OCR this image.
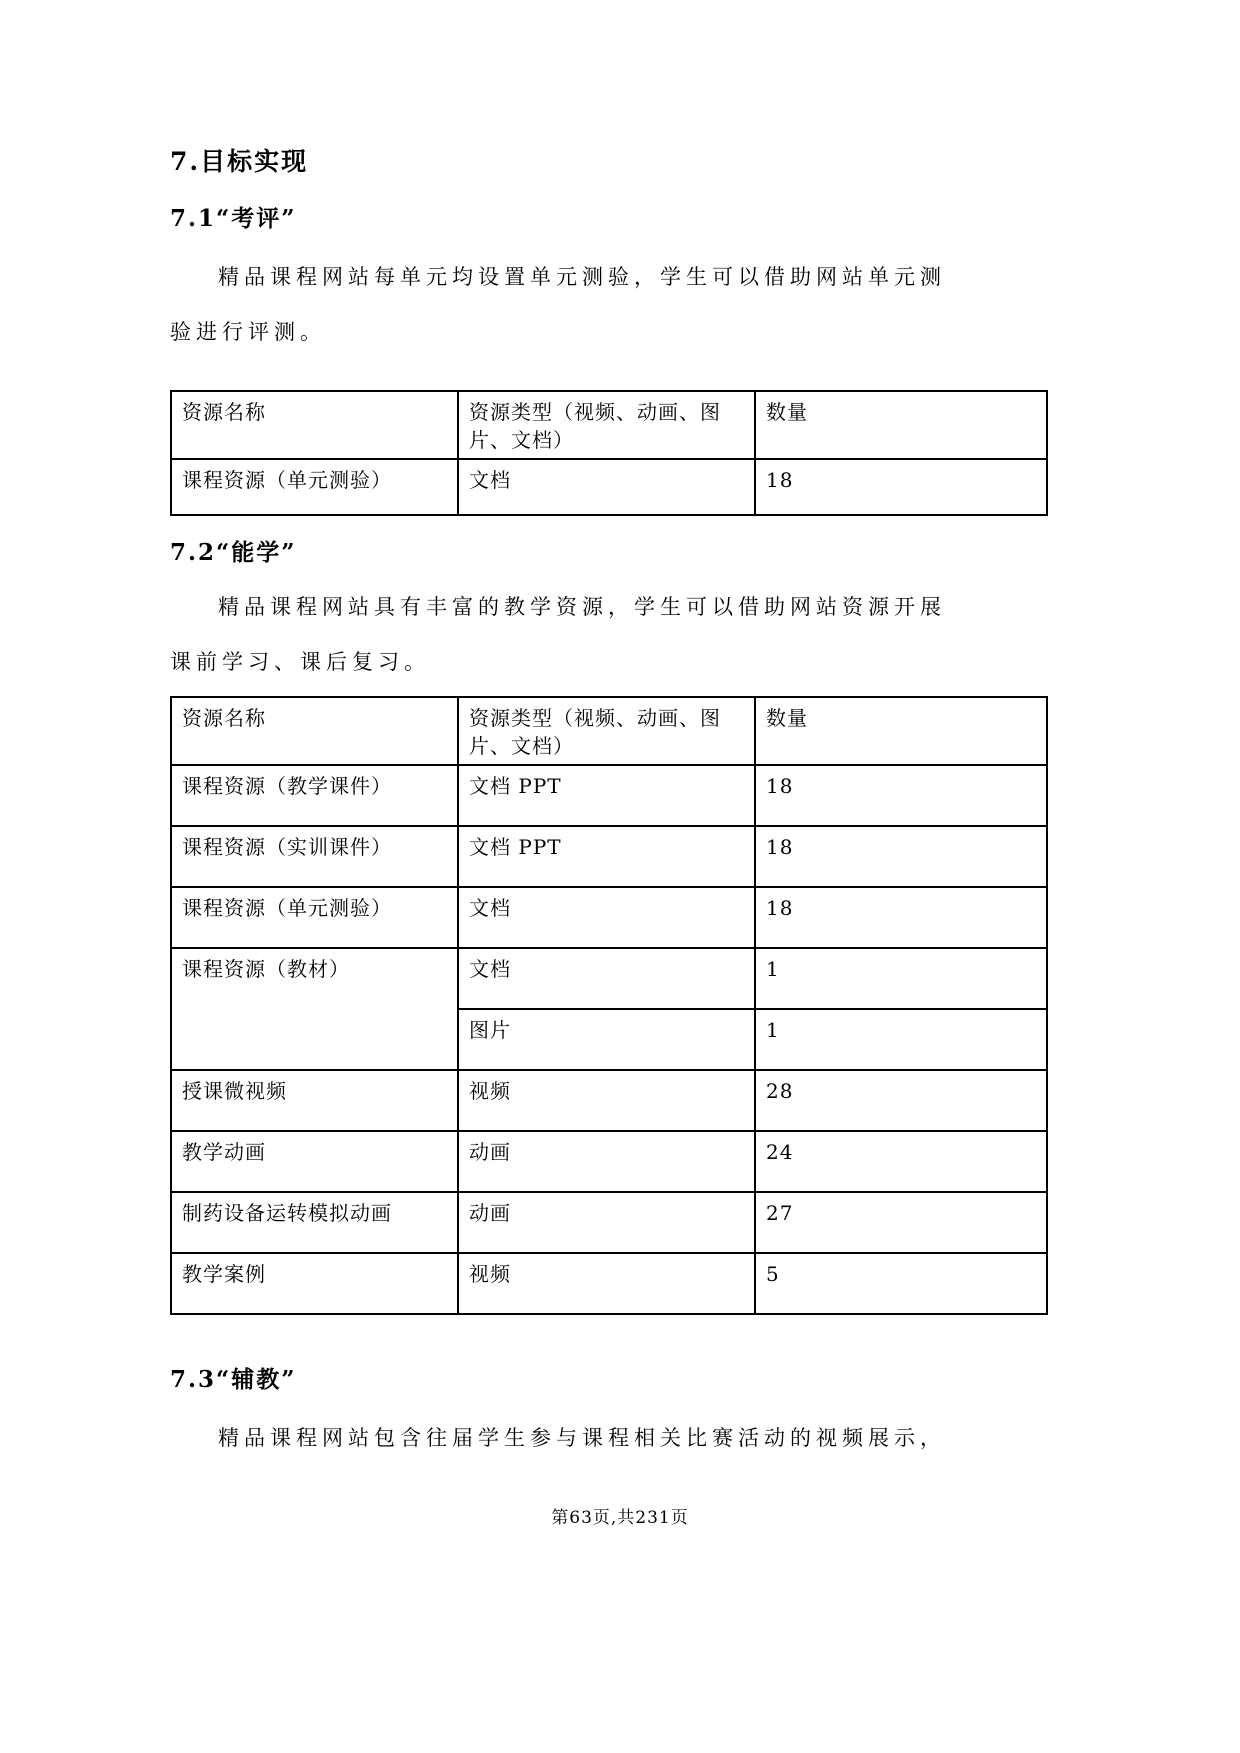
7.目标实现
7.1“考评”
精品课程网站每单元均设置单元测验，学生可以借助网站单元测
验进行评测。
资源名称	资源类型（视频、动画、图片、文档）	数量
课程资源（单元测验）	文档	18
7.2“能学”
精品课程网站具有丰富的教学资源，学生可以借助网站资源开展
课前学习、课后复习。
资源名称	资源类型（视频、动画、图片、文档）	数量
课程资源（教学课件）	文档 PPT	18
课程资源（实训课件）	文档 PPT	18
课程资源（单元测验）	文档	18
课程资源（教材）	文档	1
	图片	1
授课微视频	视频	28
教学动画	动画	24
制药设备运转模拟动画	动画	27
教学案例	视频	5
7.3“辅教”
精品课程网站包含往届学生参与课程相关比赛活动的视频展示，
第63页,共231页
